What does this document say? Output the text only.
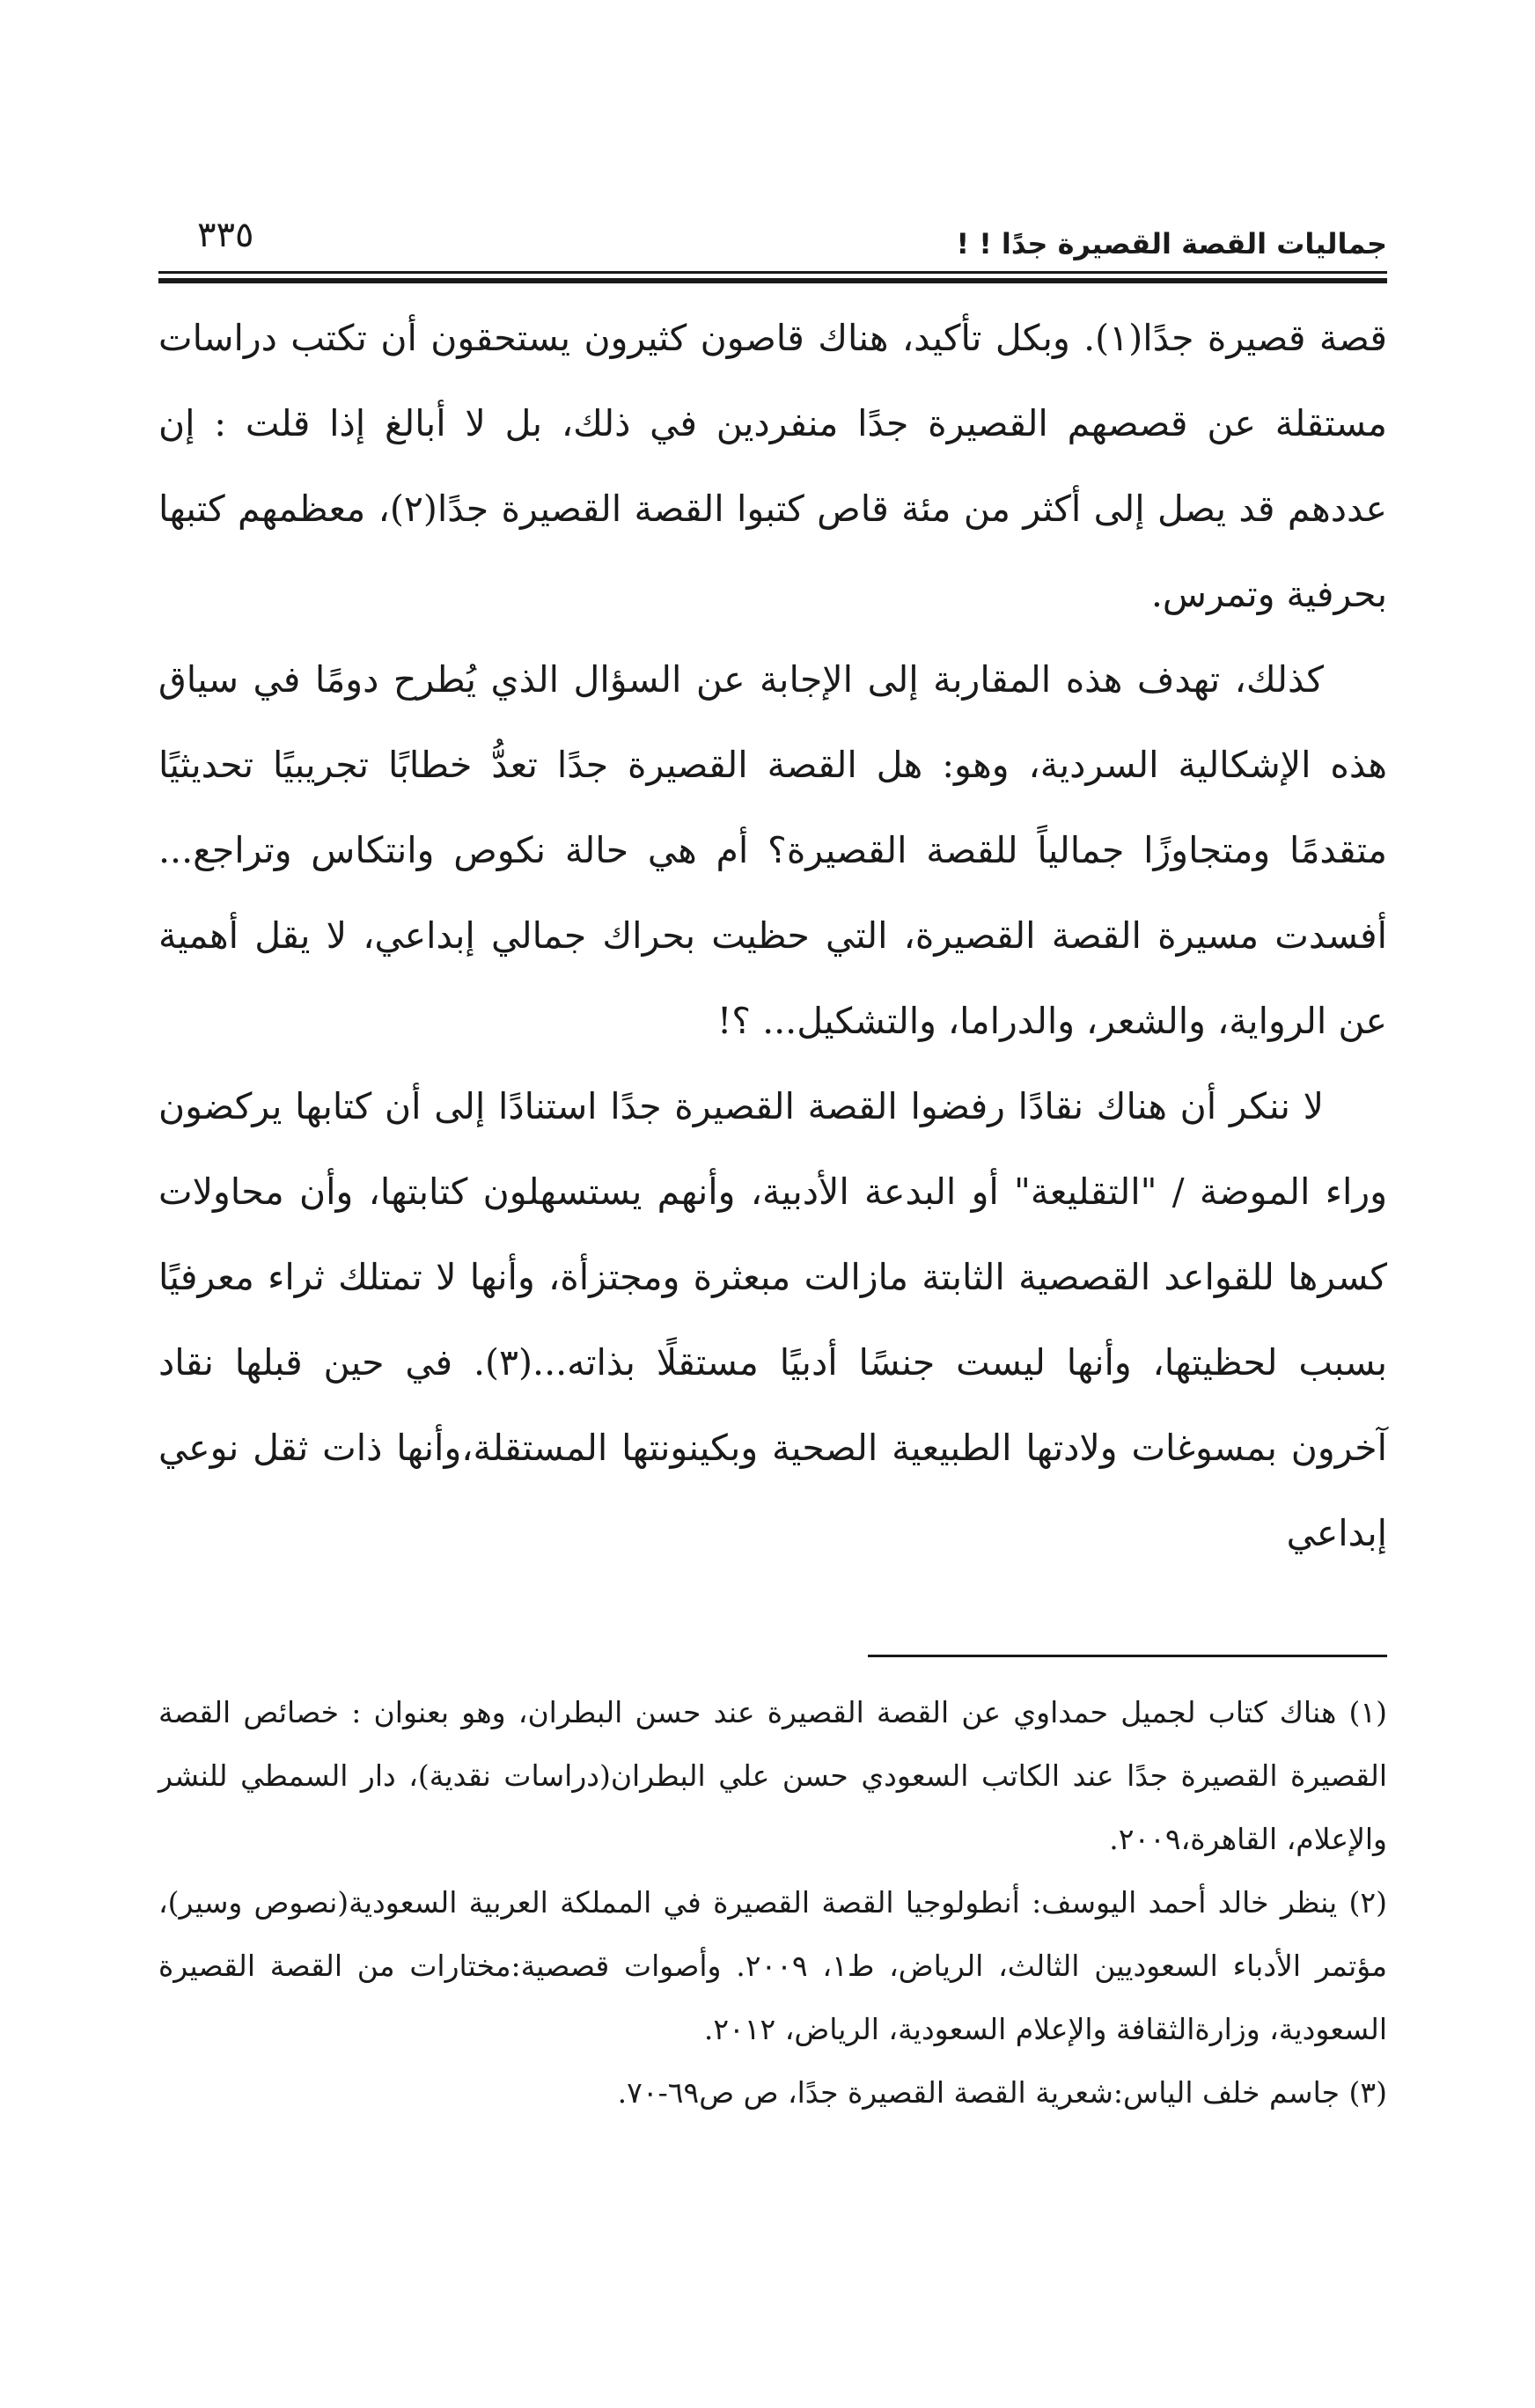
جماليات القصة القصيرة جدًا ! !
٣٣٥

قصة قصيرة جدًا(١). وبكل تأكيد، هناك قاصون كثيرون يستحقون أن تكتب دراسات مستقلة عن قصصهم القصيرة جدًا منفردين في ذلك، بل لا أبالغ إذا قلت : إن عددهم قد يصل إلى أكثر من مئة قاص كتبوا القصة القصيرة جدًا(٢)، معظمهم كتبها بحرفية وتمرس.

كذلك، تهدف هذه المقاربة إلى الإجابة عن السؤال الذي يُطرح دومًا في سياق هذه الإشكالية السردية، وهو: هل القصة القصيرة جدًا تعدُّ خطابًا تجريبيًا تحديثيًا متقدمًا ومتجاوزًا جمالياً للقصة القصيرة؟ أم هي حالة نكوص وانتكاس وتراجع... أفسدت مسيرة القصة القصيرة، التي حظيت بحراك جمالي إبداعي، لا يقل أهمية عن الرواية، والشعر، والدراما، والتشكيل... ؟!

لا ننكر أن هناك نقادًا رفضوا القصة القصيرة جدًا استنادًا إلى أن كتابها يركضون وراء الموضة / "التقليعة" أو البدعة الأدبية، وأنهم يستسهلون كتابتها، وأن محاولات كسرها للقواعد القصصية الثابتة مازالت مبعثرة ومجتزأة، وأنها لا تمتلك ثراء معرفيًا بسبب لحظيتها، وأنها ليست جنسًا أدبيًا مستقلًا بذاته...(٣). في حين قبلها نقاد آخرون بمسوغات ولادتها الطبيعية الصحية وبكينونتها المستقلة،وأنها ذات ثقل نوعي إبداعي

(١) هناك كتاب لجميل حمداوي عن القصة القصيرة عند حسن البطران، وهو بعنوان : خصائص القصة القصيرة القصيرة جدًا عند الكاتب السعودي حسن علي البطران(دراسات نقدية)، دار السمطي للنشر والإعلام، القاهرة،٢٠٠٩.

(٢) ينظر خالد أحمد اليوسف: أنطولوجيا القصة القصيرة في المملكة العربية السعودية(نصوص وسير)، مؤتمر الأدباء السعوديين الثالث، الرياض، ط١، ٢٠٠٩. وأصوات قصصية:مختارات من القصة القصيرة السعودية، وزارةالثقافة والإعلام السعودية، الرياض، ٢٠١٢.

(٣) جاسم خلف الياس:شعرية القصة القصيرة جدًا، ص ص٦٩-٧٠.
